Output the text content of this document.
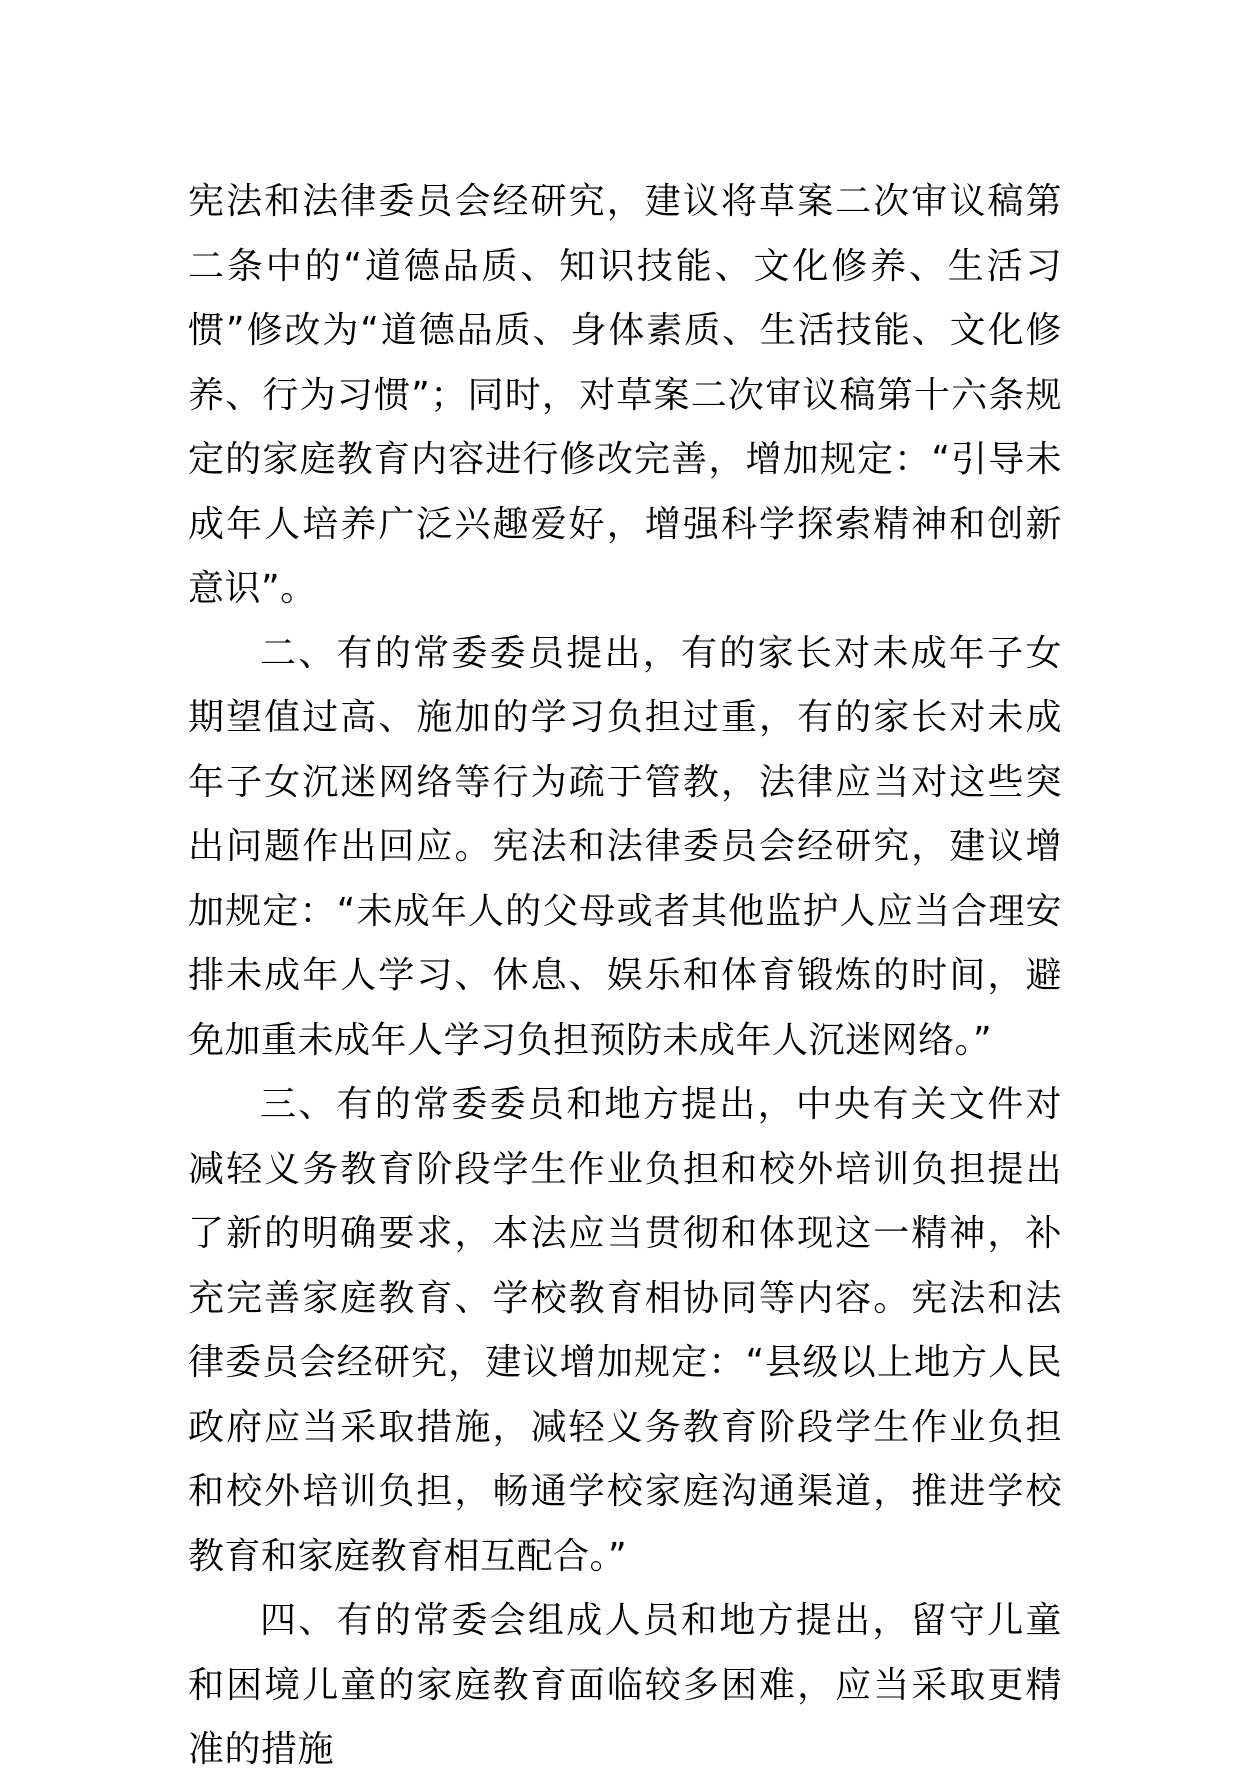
宪法和法律委员会经研究，建议将草案二次审议稿第二条中的“道德品质、知识技能、文化修养、生活习惯”修改为“道德品质、身体素质、生活技能、文化修养、行为习惯”；同时，对草案二次审议稿第十六条规定的家庭教育内容进行修改完善，增加规定：“引导未成年人培养广泛兴趣爱好，增强科学探索精神和创新意识”。

二、有的常委委员提出，有的家长对未成年子女期望值过高、施加的学习负担过重，有的家长对未成年子女沉迷网络等行为疏于管教，法律应当对这些突出问题作出回应。宪法和法律委员会经研究，建议增加规定：“未成年人的父母或者其他监护人应当合理安排未成年人学习、休息、娱乐和体育锻炼的时间，避免加重未成年人学习负担预防未成年人沉迷网络。”

三、有的常委委员和地方提出，中央有关文件对减轻义务教育阶段学生作业负担和校外培训负担提出了新的明确要求，本法应当贯彻和体现这一精神，补充完善家庭教育、学校教育相协同等内容。宪法和法律委员会经研究，建议增加规定：“县级以上地方人民政府应当采取措施，减轻义务教育阶段学生作业负担和校外培训负担，畅通学校家庭沟通渠道，推进学校教育和家庭教育相互配合。”

四、有的常委会组成人员和地方提出，留守儿童和困境儿童的家庭教育面临较多困难，应当采取更精准的措施
